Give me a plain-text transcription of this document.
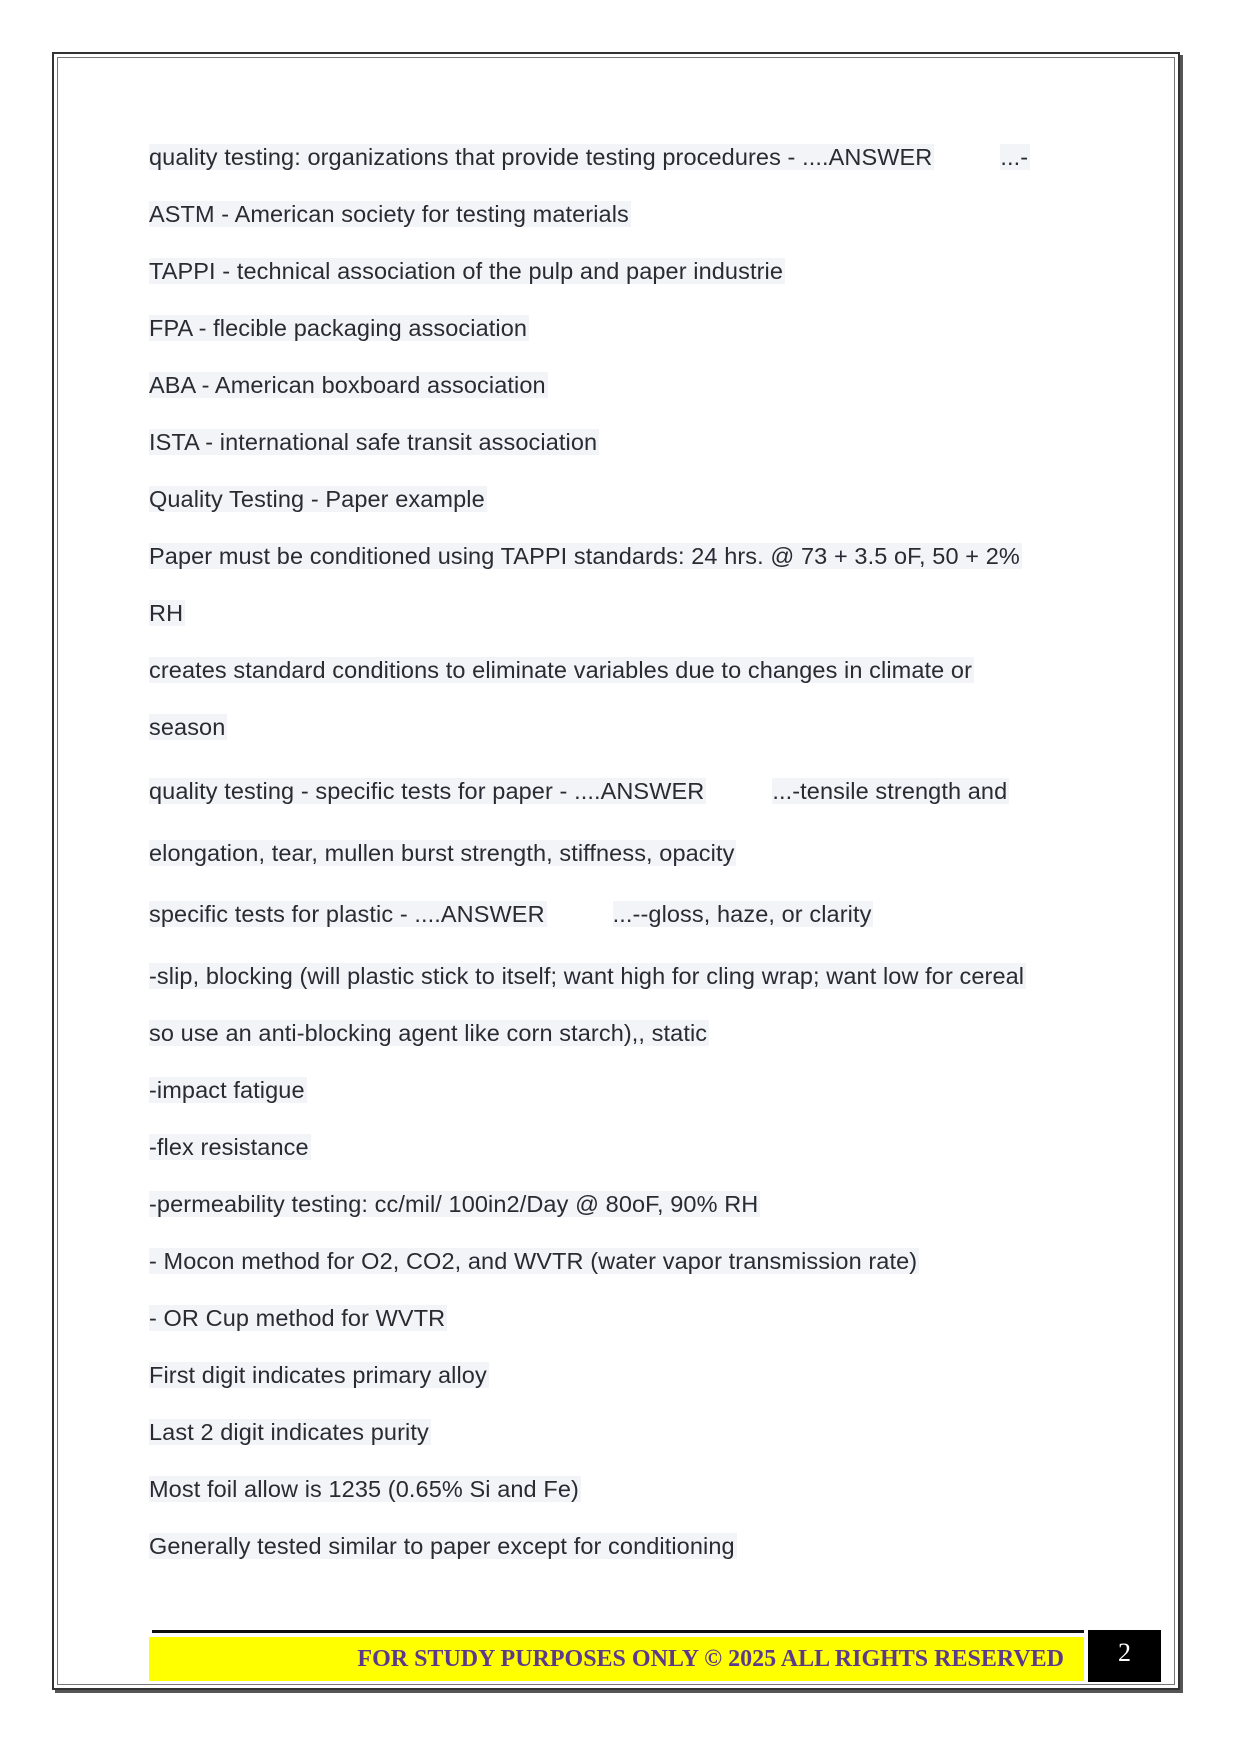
quality testing: organizations that provide testing procedures - ....ANSWER	...-
ASTM - American society for testing materials
TAPPI - technical association of the pulp and paper industrie
FPA - flecible packaging association
ABA - American boxboard association
ISTA - international safe transit association
Quality Testing - Paper example
Paper must be conditioned using TAPPI standards: 24 hrs. @ 73 + 3.5 oF, 50 + 2%
RH
creates standard conditions to eliminate variables due to changes in climate or
season
quality testing - specific tests for paper - ....ANSWER	...-tensile strength and
elongation, tear, mullen burst strength, stiffness, opacity
specific tests for plastic - ....ANSWER	...--gloss, haze, or clarity
-slip, blocking (will plastic stick to itself; want high for cling wrap; want low for cereal
so use an anti-blocking agent like corn starch),, static
-impact fatigue
-flex resistance
-permeability testing: cc/mil/ 100in2/Day @ 80oF, 90% RH
- Mocon method for O2, CO2, and WVTR (water vapor transmission rate)
- OR Cup method for WVTR
First digit indicates primary alloy
Last 2 digit indicates purity
Most foil allow is 1235 (0.65% Si and Fe)
Generally tested similar to paper except for conditioning
FOR STUDY PURPOSES ONLY © 2025 ALL RIGHTS RESERVED	2
